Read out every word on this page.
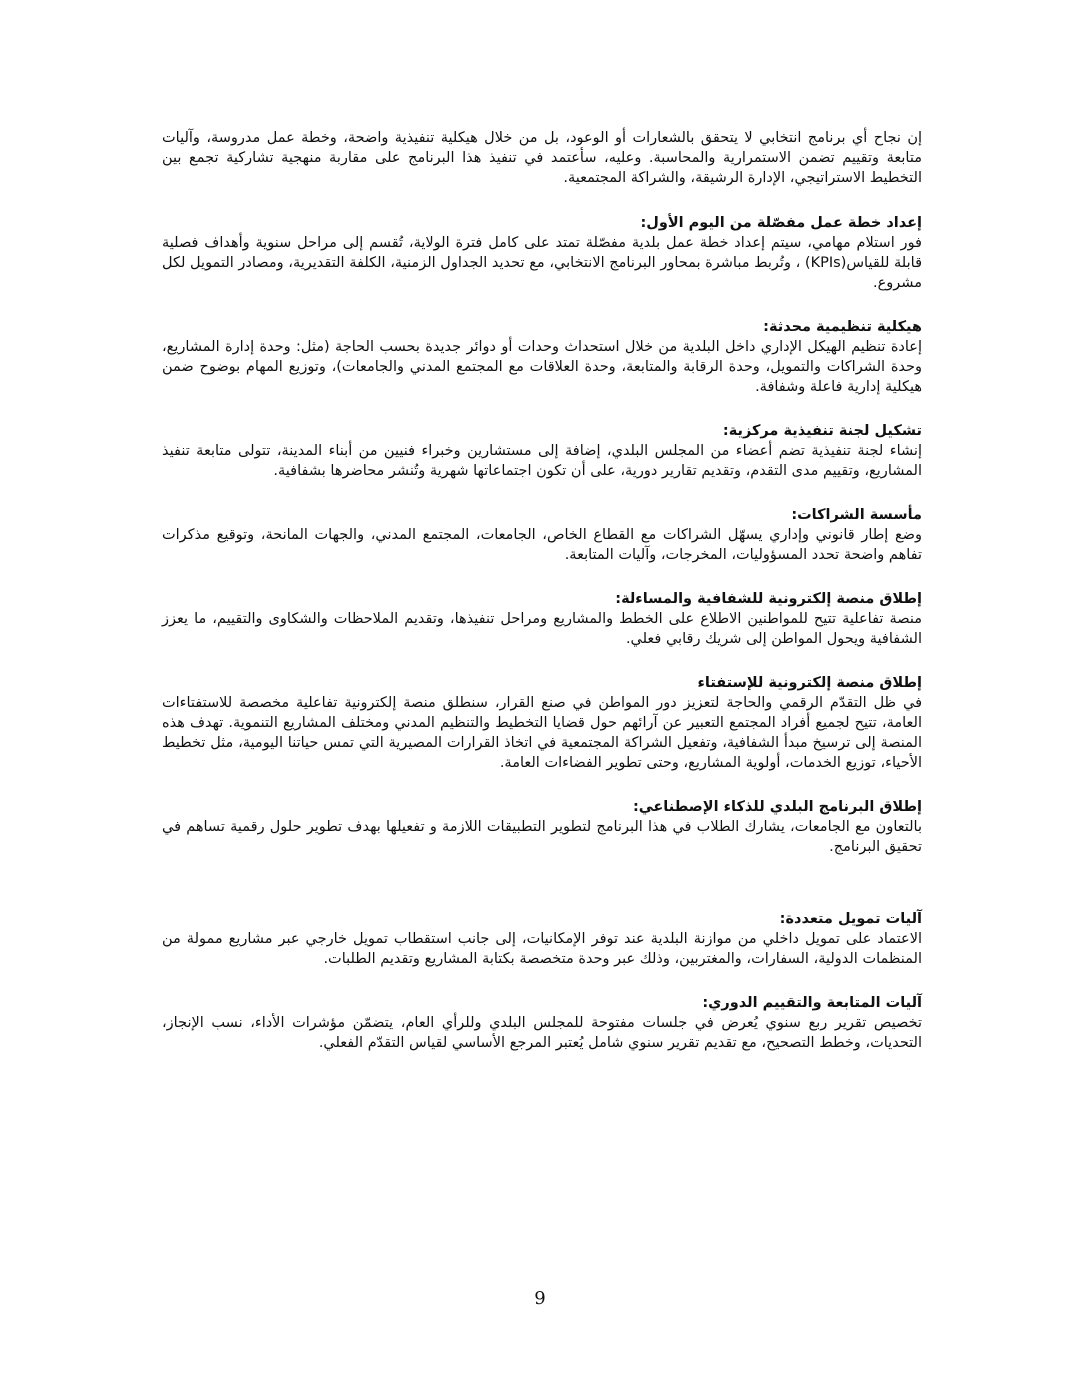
إن نجاح أي برنامج انتخابي لا يتحقق بالشعارات أو الوعود، بل من خلال هيكلية تنفيذية واضحة، وخطة عمل مدروسة، وآليات متابعة وتقييم تضمن الاستمرارية والمحاسبة. وعليه، سأعتمد في تنفيذ هذا البرنامج على مقاربة منهجية تشاركية تجمع بين التخطيط الاستراتيجي، الإدارة الرشيقة، والشراكة المجتمعية.

إعداد خطة عمل مفصّلة من اليوم الأول:

فور استلام مهامي، سيتم إعداد خطة عمل بلدية مفصّلة تمتد على كامل فترة الولاية، تُقسم إلى مراحل سنوية وأهداف فصلية قابلة للقياس(KPIs) ، وتُربط مباشرة بمحاور البرنامج الانتخابي، مع تحديد الجداول الزمنية، الكلفة التقديرية، ومصادر التمويل لكل مشروع.

هيكلية تنظيمية محدثة:

إعادة تنظيم الهيكل الإداري داخل البلدية من خلال استحداث وحدات أو دوائر جديدة بحسب الحاجة (مثل: وحدة إدارة المشاريع، وحدة الشراكات والتمويل، وحدة الرقابة والمتابعة، وحدة العلاقات مع المجتمع المدني والجامعات)، وتوزيع المهام بوضوح ضمن هيكلية إدارية فاعلة وشفافة.

تشكيل لجنة تنفيذية مركزية:

إنشاء لجنة تنفيذية تضم أعضاء من المجلس البلدي، إضافة إلى مستشارين وخبراء فنيين من أبناء المدينة، تتولى متابعة تنفيذ المشاريع، وتقييم مدى التقدم، وتقديم تقارير دورية، على أن تكون اجتماعاتها شهرية وتُنشر محاضرها بشفافية.

مأسسة الشراكات:

وضع إطار قانوني وإداري يسهّل الشراكات مع القطاع الخاص، الجامعات، المجتمع المدني، والجهات المانحة، وتوقيع مذكرات تفاهم واضحة تحدد المسؤوليات، المخرجات، وآليات المتابعة.

إطلاق منصة إلكترونية للشفافية والمساءلة:

منصة تفاعلية تتيح للمواطنين الاطلاع على الخطط والمشاريع ومراحل تنفيذها، وتقديم الملاحظات والشكاوى والتقييم، ما يعزز الشفافية ويحول المواطن إلى شريك رقابي فعلي.

إطلاق منصة إلكترونية للإستفتاء

في ظل التقدّم الرقمي والحاجة لتعزيز دور المواطن في صنع القرار، سنطلق منصة إلكترونية تفاعلية مخصصة للاستفتاءات العامة، تتيح لجميع أفراد المجتمع التعبير عن آرائهم حول قضايا التخطيط والتنظيم المدني ومختلف المشاريع التنموية. تهدف هذه المنصة إلى ترسيخ مبدأ الشفافية، وتفعيل الشراكة المجتمعية في اتخاذ القرارات المصيرية التي تمس حياتنا اليومية، مثل تخطيط الأحياء، توزيع الخدمات، أولوية المشاريع، وحتى تطوير الفضاءات العامة.

إطلاق البرنامج البلدي للذكاء الإصطناعي:

بالتعاون مع الجامعات، يشارك الطلاب في هذا البرنامج لتطوير التطبيقات اللازمة و تفعيلها بهدف تطوير حلول رقمية تساهم في تحقيق البرنامج.

آليات تمويل متعددة:

الاعتماد على تمويل داخلي من موازنة البلدية عند توفر الإمكانيات، إلى جانب استقطاب تمويل خارجي عبر مشاريع ممولة من المنظمات الدولية، السفارات، والمغتربين، وذلك عبر وحدة متخصصة بكتابة المشاريع وتقديم الطلبات.

آليات المتابعة والتقييم الدوري:

تخصيص تقرير ربع سنوي يُعرض في جلسات مفتوحة للمجلس البلدي وللرأي العام، يتضمّن مؤشرات الأداء، نسب الإنجاز، التحديات، وخطط التصحيح، مع تقديم تقرير سنوي شامل يُعتبر المرجع الأساسي لقياس التقدّم الفعلي.

9
